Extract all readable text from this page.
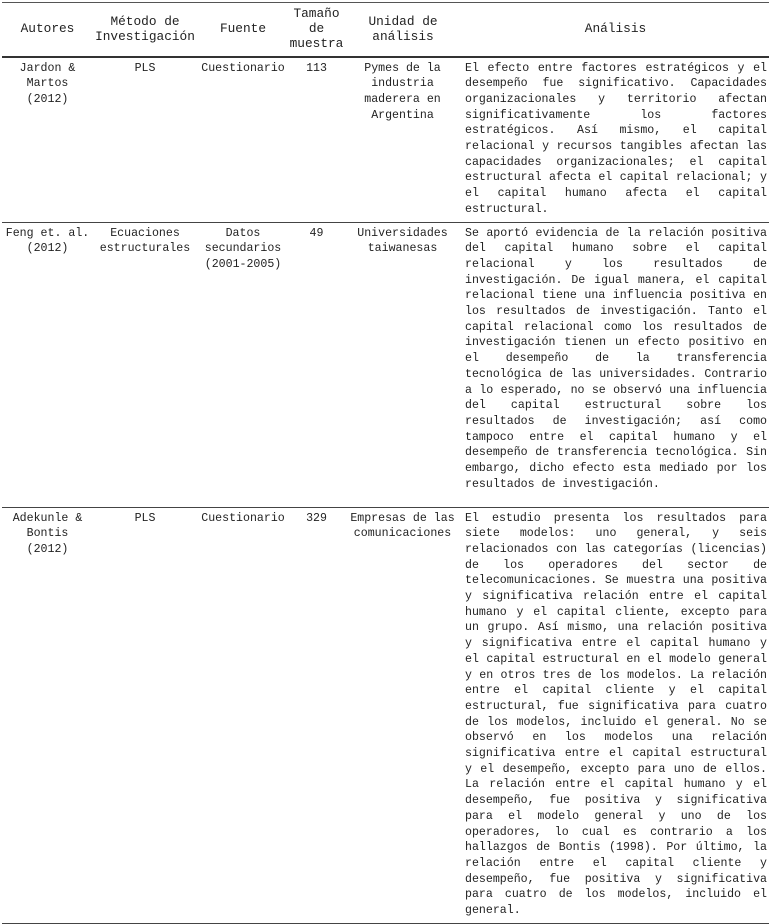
Autores	Método de Investigación	Fuente	Tamaño de muestra	Unidad de análisis	Análisis
Jardon & Martos (2012)	PLS	Cuestionario	113	Pymes de la industria maderera en Argentina	El efecto entre factores estratégicos y el desempeño fue significativo. Capacidades organizacionales y territorio afectan significativamente los factores estratégicos. Así mismo, el capital relacional y recursos tangibles afectan las capacidades organizacionales; el capital estructural afecta el capital relacional; y el capital humano afecta el capital estructural.
Feng et. al. (2012)	Ecuaciones estructurales	Datos secundarios (2001-2005)	49	Universidades taiwanesas	Se aportó evidencia de la relación positiva del capital humano sobre el capital relacional y los resultados de investigación. De igual manera, el capital relacional tiene una influencia positiva en los resultados de investigación. Tanto el capital relacional como los resultados de investigación tienen un efecto positivo en el desempeño de la transferencia tecnológica de las universidades. Contrario a lo esperado, no se observó una influencia del capital estructural sobre los resultados de investigación; así como tampoco entre el capital humano y el desempeño de transferencia tecnológica. Sin embargo, dicho efecto esta mediado por los resultados de investigación.
Adekunle & Bontis (2012)	PLS	Cuestionario	329	Empresas de las comunicaciones	El estudio presenta los resultados para siete modelos: uno general, y seis relacionados con las categorías (licencias) de los operadores del sector de telecomunicaciones. Se muestra una positiva y significativa relación entre el capital humano y el capital cliente, excepto para un grupo. Así mismo, una relación positiva y significativa entre el capital humano y el capital estructural en el modelo general y en otros tres de los modelos. La relación entre el capital cliente y el capital estructural, fue significativa para cuatro de los modelos, incluido el general. No se observó en los modelos una relación significativa entre el capital estructural y el desempeño, excepto para uno de ellos. La relación entre el capital humano y el desempeño, fue positiva y significativa para el modelo general y uno de los operadores, lo cual es contrario a los hallazgos de Bontis (1998). Por último, la relación entre el capital cliente y desempeño, fue positiva y significativa para cuatro de los modelos, incluido el general.
